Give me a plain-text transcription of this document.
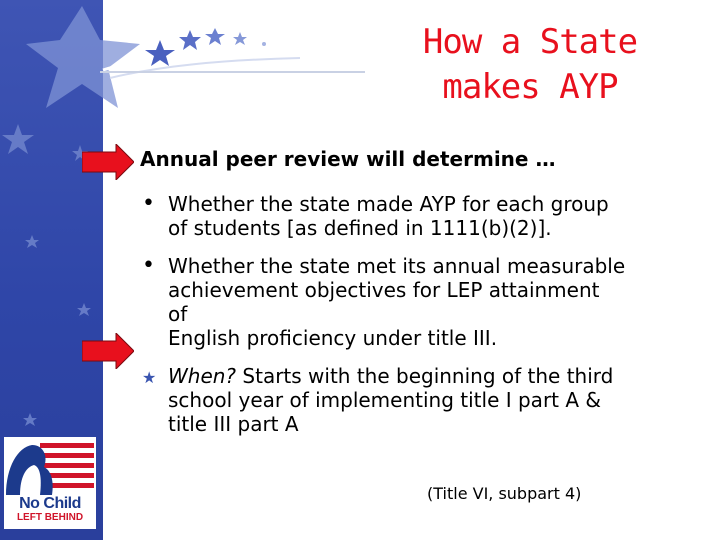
How a State
makes AYP
Annual peer review will determine …
• Whether the state made AYP for each group
of students [as defined in 1111(b)(2)].
• Whether the state met its annual measurable
achievement objectives for LEP attainment
of
English proficiency under title III.
★ When? Starts with the beginning of the third
school year of implementing title I part A &
title III part A
(Title VI, subpart 4)
No Child
LEFT BEHIND
